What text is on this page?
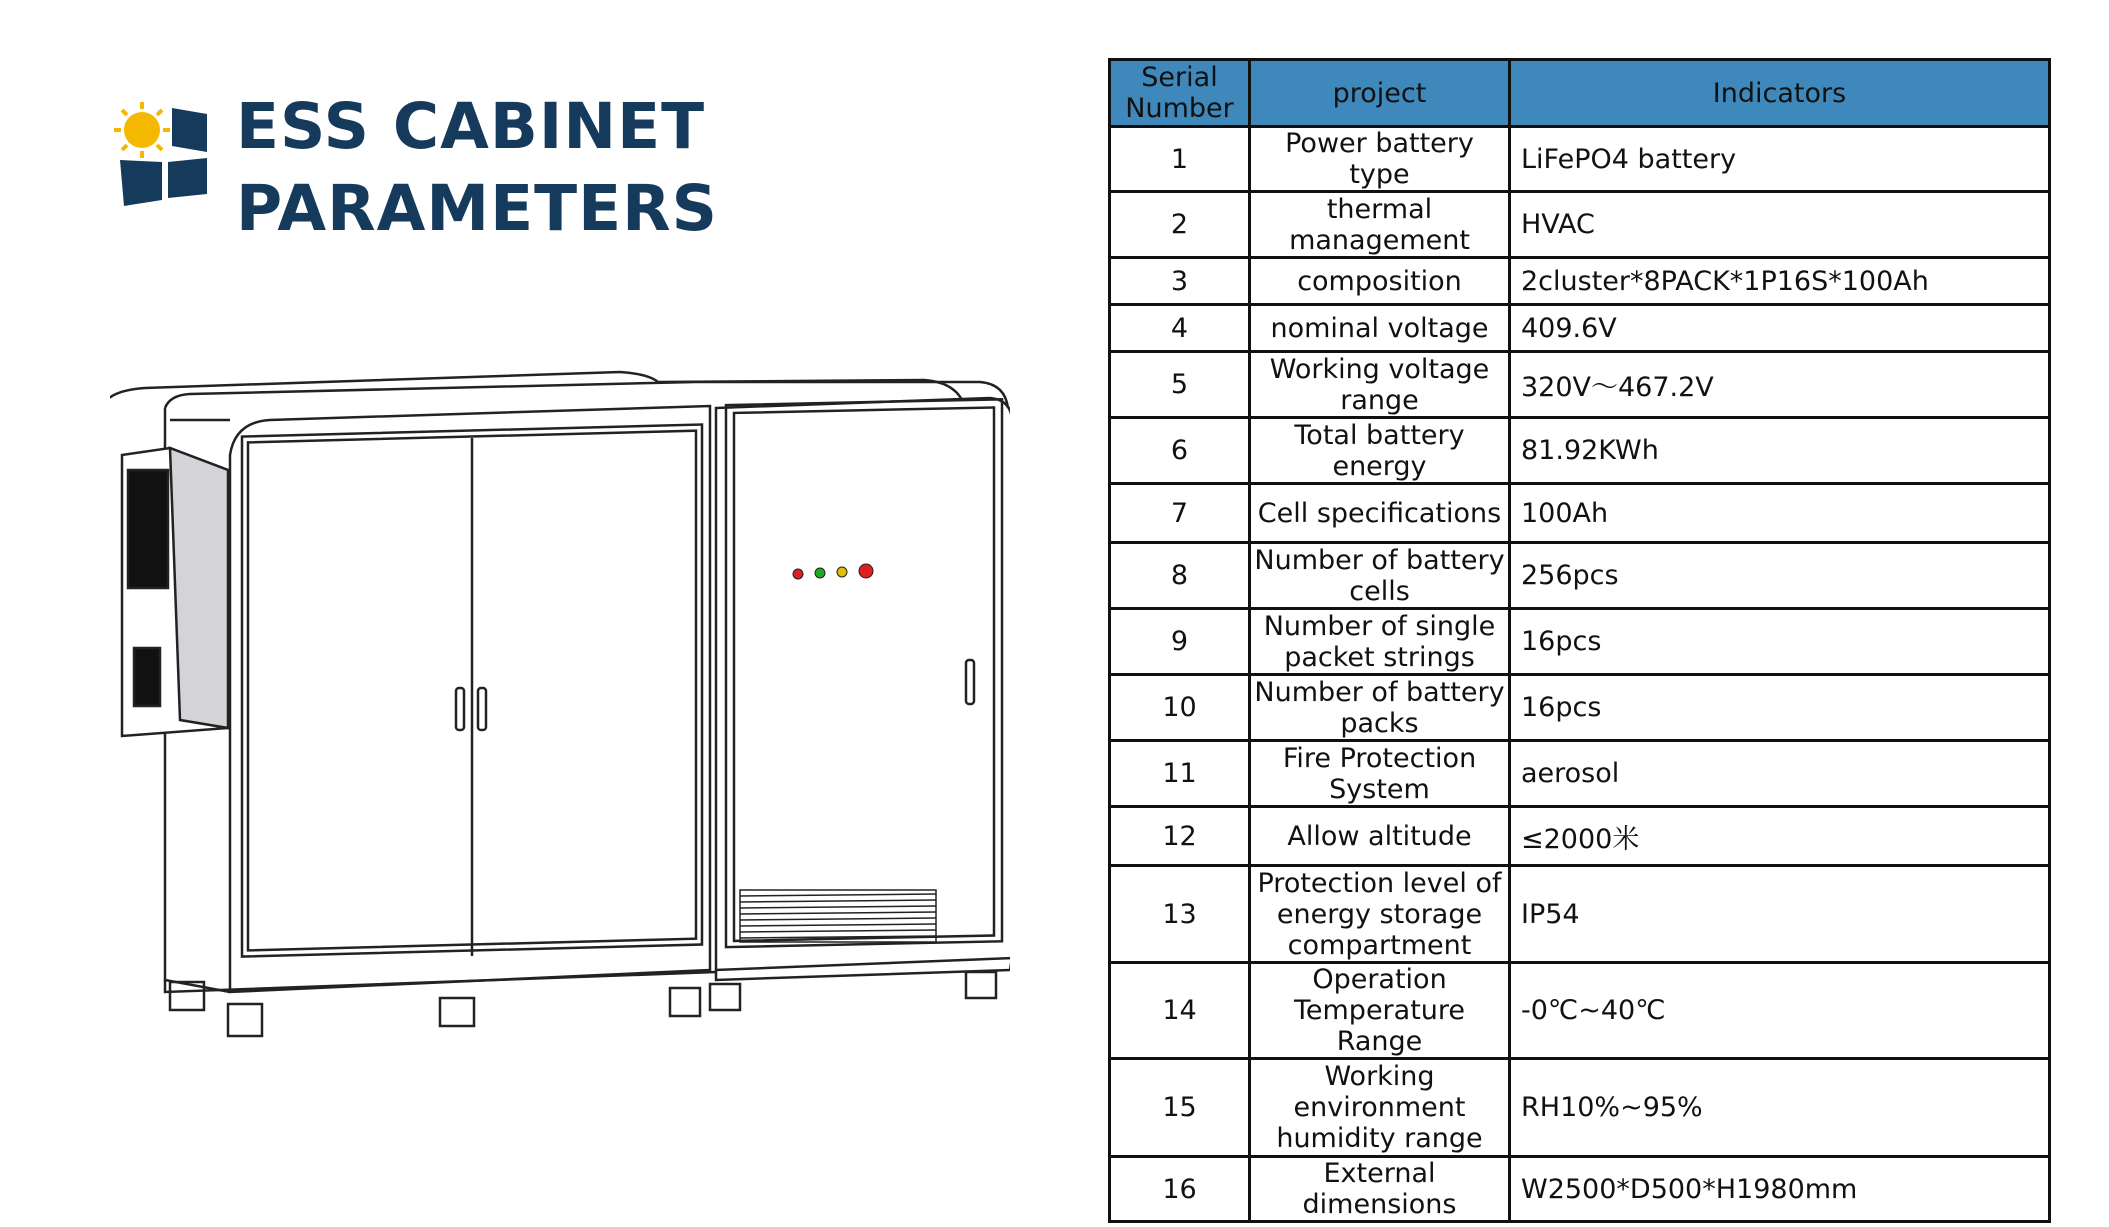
ESS CABINET
PARAMETERS
Serial Number	project	Indicators
1	Power battery type	LiFePO4 battery
2	thermal management	HVAC
3	composition	2cluster*8PACK*1P16S*100Ah
4	nominal voltage	409.6V
5	Working voltage range	320V～467.2V
6	Total battery energy	81.92KWh
7	Cell specifications	100Ah
8	Number of battery cells	256pcs
9	Number of single packet strings	16pcs
10	Number of battery packs	16pcs
11	Fire Protection System	aerosol
12	Allow altitude	≤2000米
13	Protection level of energy storage compartment	IP54
14	Operation Temperature Range	-0℃~40℃
15	Working environment humidity range	RH10%~95%
16	External dimensions	W2500*D500*H1980mm
